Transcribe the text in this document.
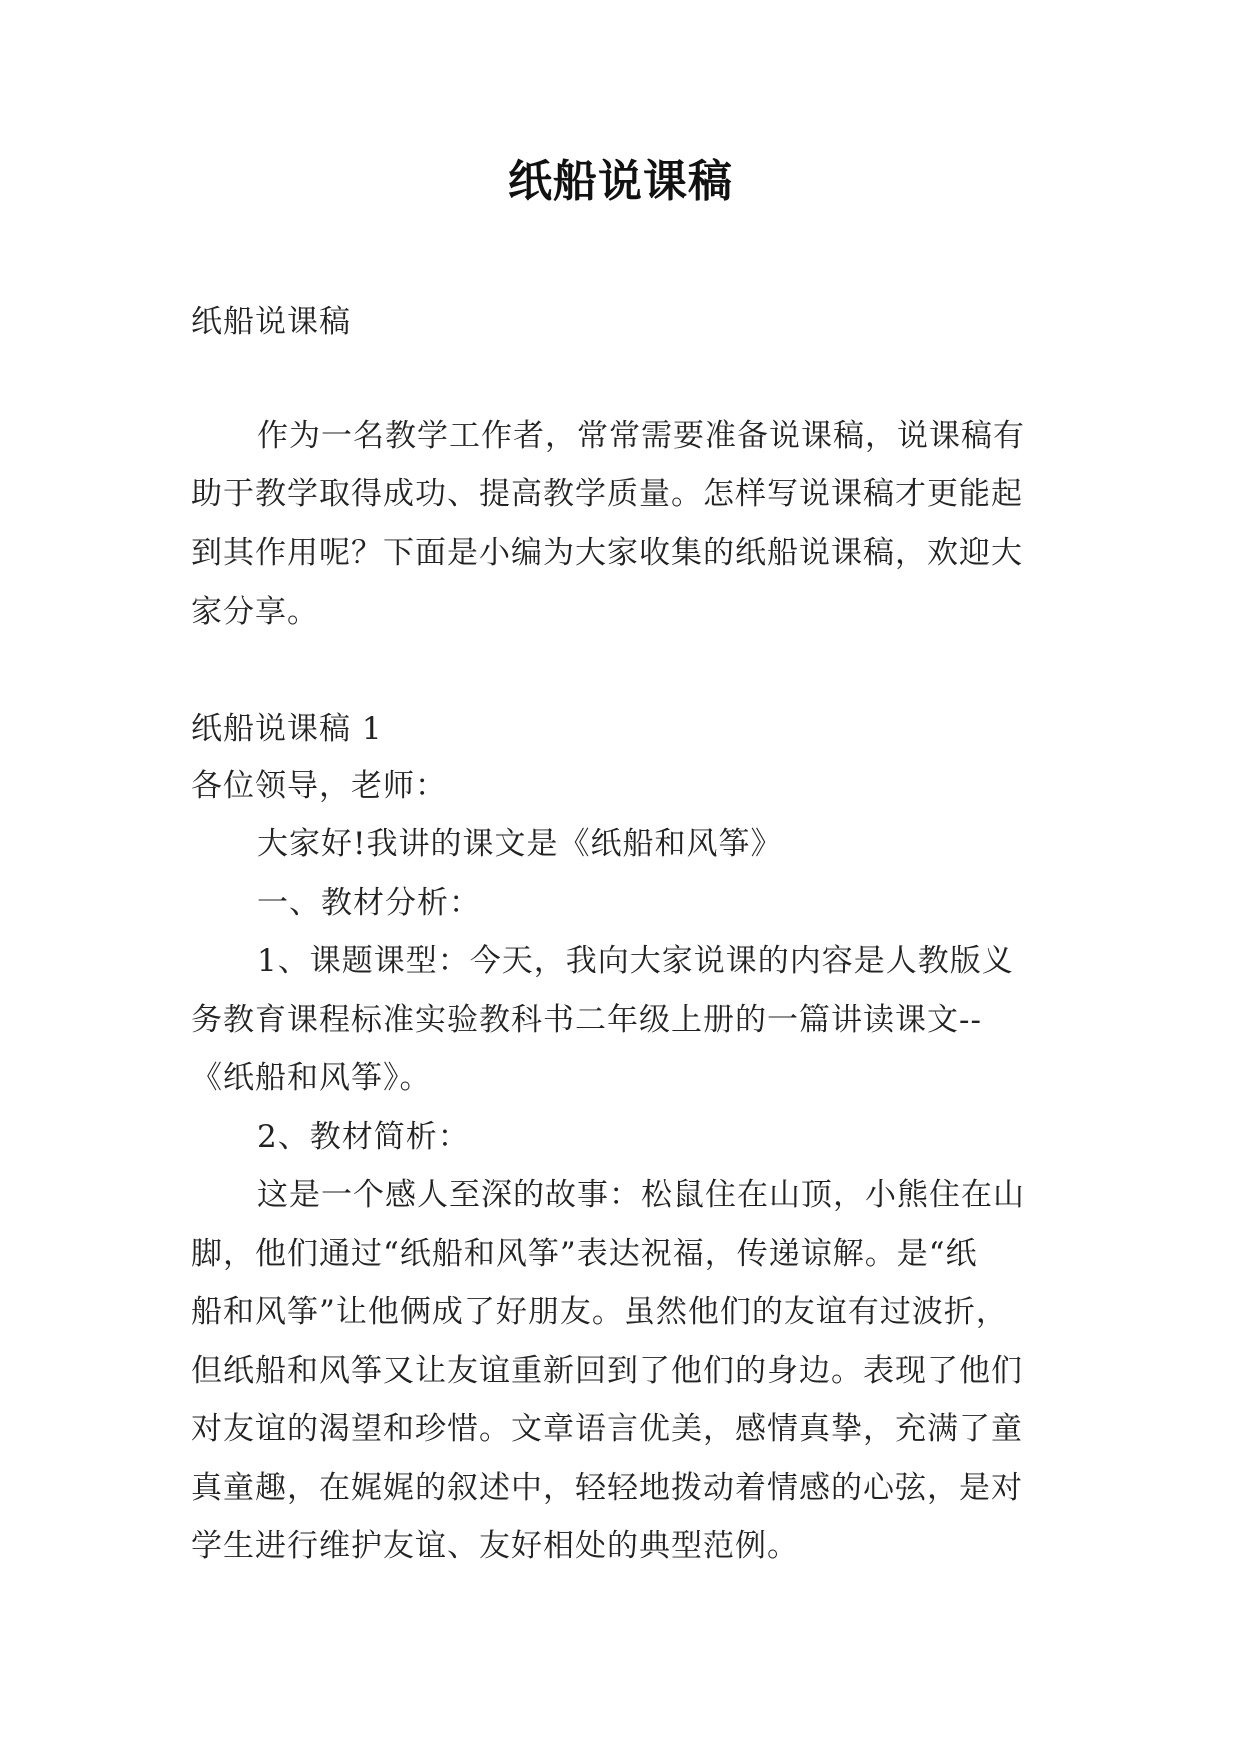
纸船说课稿
纸船说课稿
作为一名教学工作者，常常需要准备说课稿，说课稿有
助于教学取得成功、提高教学质量。怎样写说课稿才更能起
到其作用呢？下面是小编为大家收集的纸船说课稿，欢迎大
家分享。
纸船说课稿 1
各位领导，老师：
大家好!我讲的课文是《纸船和风筝》
一、教材分析：
1、课题课型：今天，我向大家说课的内容是人教版义
务教育课程标准实验教科书二年级上册的一篇讲读课文--
《纸船和风筝》。
2、教材简析：
这是一个感人至深的故事：松鼠住在山顶，小熊住在山
脚，他们通过“纸船和风筝”表达祝福，传递谅解。是“纸
船和风筝”让他俩成了好朋友。虽然他们的友谊有过波折，
但纸船和风筝又让友谊重新回到了他们的身边。表现了他们
对友谊的渴望和珍惜。文章语言优美，感情真挚，充满了童
真童趣，在娓娓的叙述中，轻轻地拨动着情感的心弦，是对
学生进行维护友谊、友好相处的典型范例。
